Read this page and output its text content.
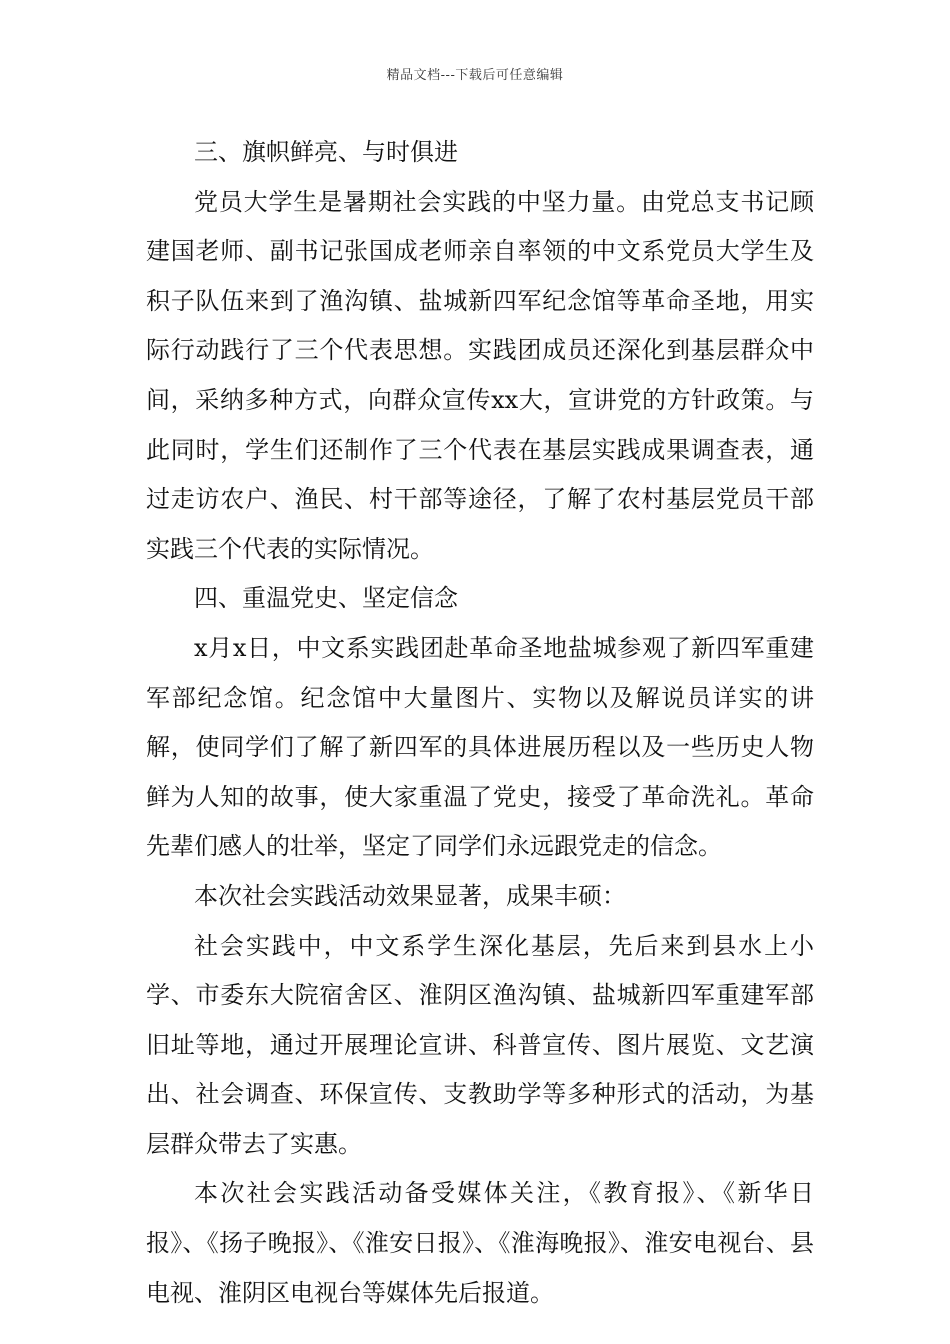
精品文档---下载后可任意编辑

三、旗帜鲜亮、与时俱进

党员大学生是暑期社会实践的中坚力量。由党总支书记顾建国老师、副书记张国成老师亲自率领的中文系党员大学生及积子队伍来到了渔沟镇、盐城新四军纪念馆等革命圣地，用实际行动践行了三个代表思想。实践团成员还深化到基层群众中间，采纳多种方式，向群众宣传xx大，宣讲党的方针政策。与此同时，学生们还制作了三个代表在基层实践成果调查表，通过走访农户、渔民、村干部等途径，了解了农村基层党员干部实践三个代表的实际情况。

四、重温党史、坚定信念

x月x日，中文系实践团赴革命圣地盐城参观了新四军重建军部纪念馆。纪念馆中大量图片、实物以及解说员详实的讲解，使同学们了解了新四军的具体进展历程以及一些历史人物鲜为人知的故事，使大家重温了党史，接受了革命洗礼。革命先辈们感人的壮举，坚定了同学们永远跟党走的信念。

本次社会实践活动效果显著，成果丰硕：

社会实践中，中文系学生深化基层，先后来到县水上小学、市委东大院宿舍区、淮阴区渔沟镇、盐城新四军重建军部旧址等地，通过开展理论宣讲、科普宣传、图片展览、文艺演出、社会调查、环保宣传、支教助学等多种形式的活动，为基层群众带去了实惠。

本次社会实践活动备受媒体关注，《教育报》、《新华日报》、《扬子晚报》、《淮安日报》、《淮海晚报》、淮安电视台、县电视、淮阴区电视台等媒体先后报道。
